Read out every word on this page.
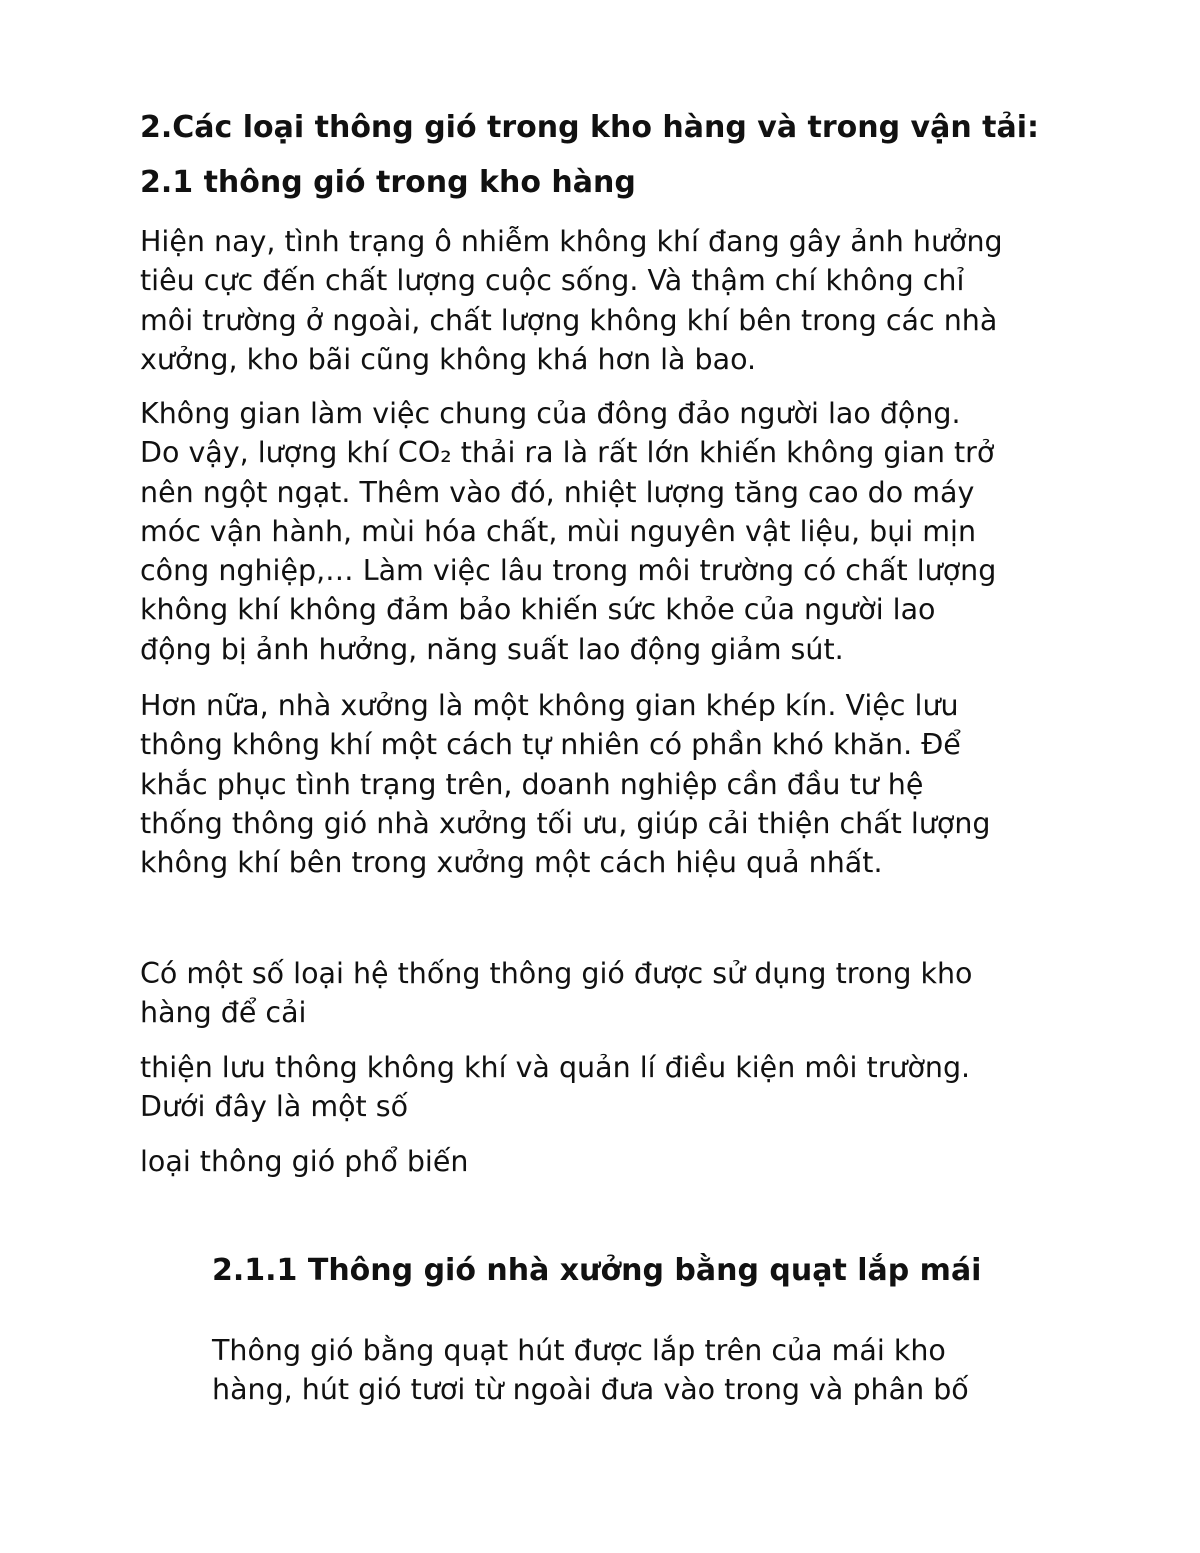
2.Các loại thông gió trong kho hàng và trong vận tải:
2.1 thông gió trong kho hàng

Hiện nay, tình trạng ô nhiễm không khí đang gây ảnh hưởng
tiêu cực đến chất lượng cuộc sống. Và thậm chí không chỉ
môi trường ở ngoài, chất lượng không khí bên trong các nhà
xưởng, kho bãi cũng không khá hơn là bao.

Không gian làm việc chung của đông đảo người lao động.
Do vậy, lượng khí CO₂ thải ra là rất lớn khiến không gian trở
nên ngột ngạt. Thêm vào đó, nhiệt lượng tăng cao do máy
móc vận hành, mùi hóa chất, mùi nguyên vật liệu, bụi mịn
công nghiệp,… Làm việc lâu trong môi trường có chất lượng
không khí không đảm bảo khiến sức khỏe của người lao
động bị ảnh hưởng, năng suất lao động giảm sút.

Hơn nữa, nhà xưởng là một không gian khép kín. Việc lưu
thông không khí một cách tự nhiên có phần khó khăn. Để
khắc phục tình trạng trên, doanh nghiệp cần đầu tư hệ
thống thông gió nhà xưởng tối ưu, giúp cải thiện chất lượng
không khí bên trong xưởng một cách hiệu quả nhất.

Có một số loại hệ thống thông gió được sử dụng trong kho
hàng để cải

thiện lưu thông không khí và quản lí điều kiện môi trường.
Dưới đây là một số

loại thông gió phổ biến

2.1.1 Thông gió nhà xưởng bằng quạt lắp mái

Thông gió bằng quạt hút được lắp trên của mái kho
hàng, hút gió tươi từ ngoài đưa vào trong và phân bố
